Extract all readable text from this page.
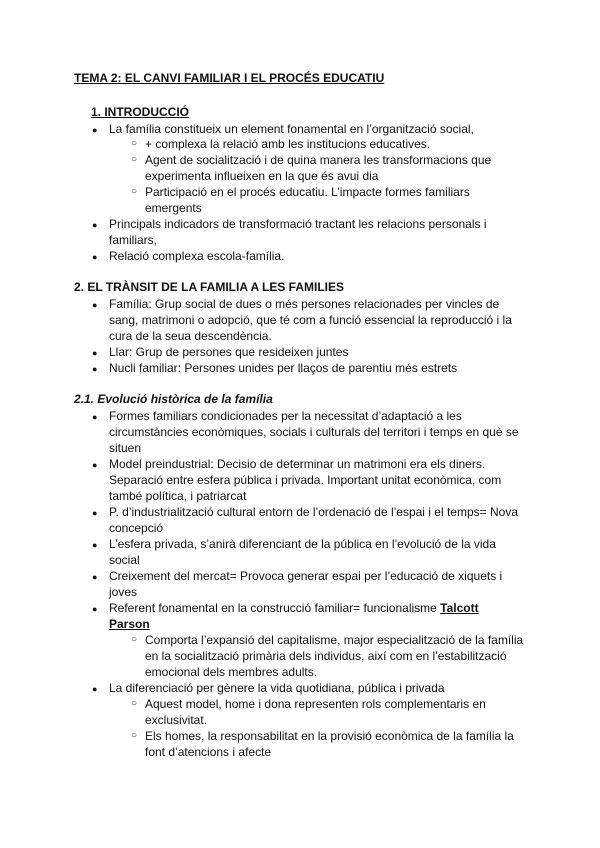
TEMA 2: EL CANVI FAMILIAR I EL PROCÉS EDUCATIU
1. INTRODUCCIÓ
● La família constitueix un element fonamental en l’organització social,
○ + complexa la relació amb les institucions educatives.
○ Agent de socialització i de quina manera les transformacions que
experimenta influeixen en la que és avui dia
○ Participació en el procés educatiu. L’impacte formes familiars
emergents
● Principals indicadors de transformació tractant les relacions personals i
familiars,
● Relació complexa escola-família.
2. EL TRÀNSIT DE LA FAMILIA A LES FAMILIES
● Família: Grup social de dues o més persones relacionades per vincles de
sang, matrimoni o adopció, que té com a funció essencial la reproducció i la
cura de la seua descendència.
● Llar: Grup de persones que resideixen juntes
● Nucli familiar: Persones unides per llaços de parentiu més estrets
2.1. Evolució històrica de la família
● Formes familiars condicionades per la necessitat d’adaptació a les
circumstàncies econòmiques, socials i culturals del territori i temps en què se
situen
● Model preindustrial: Decisio de determinar un matrimoni era els diners.
Separació entre esfera pública i privada. Important unitat econòmica, com
també política, i patriarcat
● P. d’industrialització cultural entorn de l’ordenació de l’espai i el temps= Nova
concepció
● L’esfera privada, s’anirà diferenciant de la pública en l’evolució de la vida
social
● Creixement del mercat= Provoca generar espai per l’educació de xiquets i
joves
● Referent fonamental en la construcció familiar= funcionalisme Talcott
Parson
○ Comporta l’expansió del capitalisme, major especialització de la família
en la socialització primària dels individus, així com en l’estabilització
emocional dels membres adults.
● La diferenciació per gènere la vida quotidiana, pública i privada
○ Aquest model, home i dona representen rols complementaris en
exclusivitat.
○ Els homes, la responsabilitat en la provisió econòmica de la família la
font d’atencions i afecte
